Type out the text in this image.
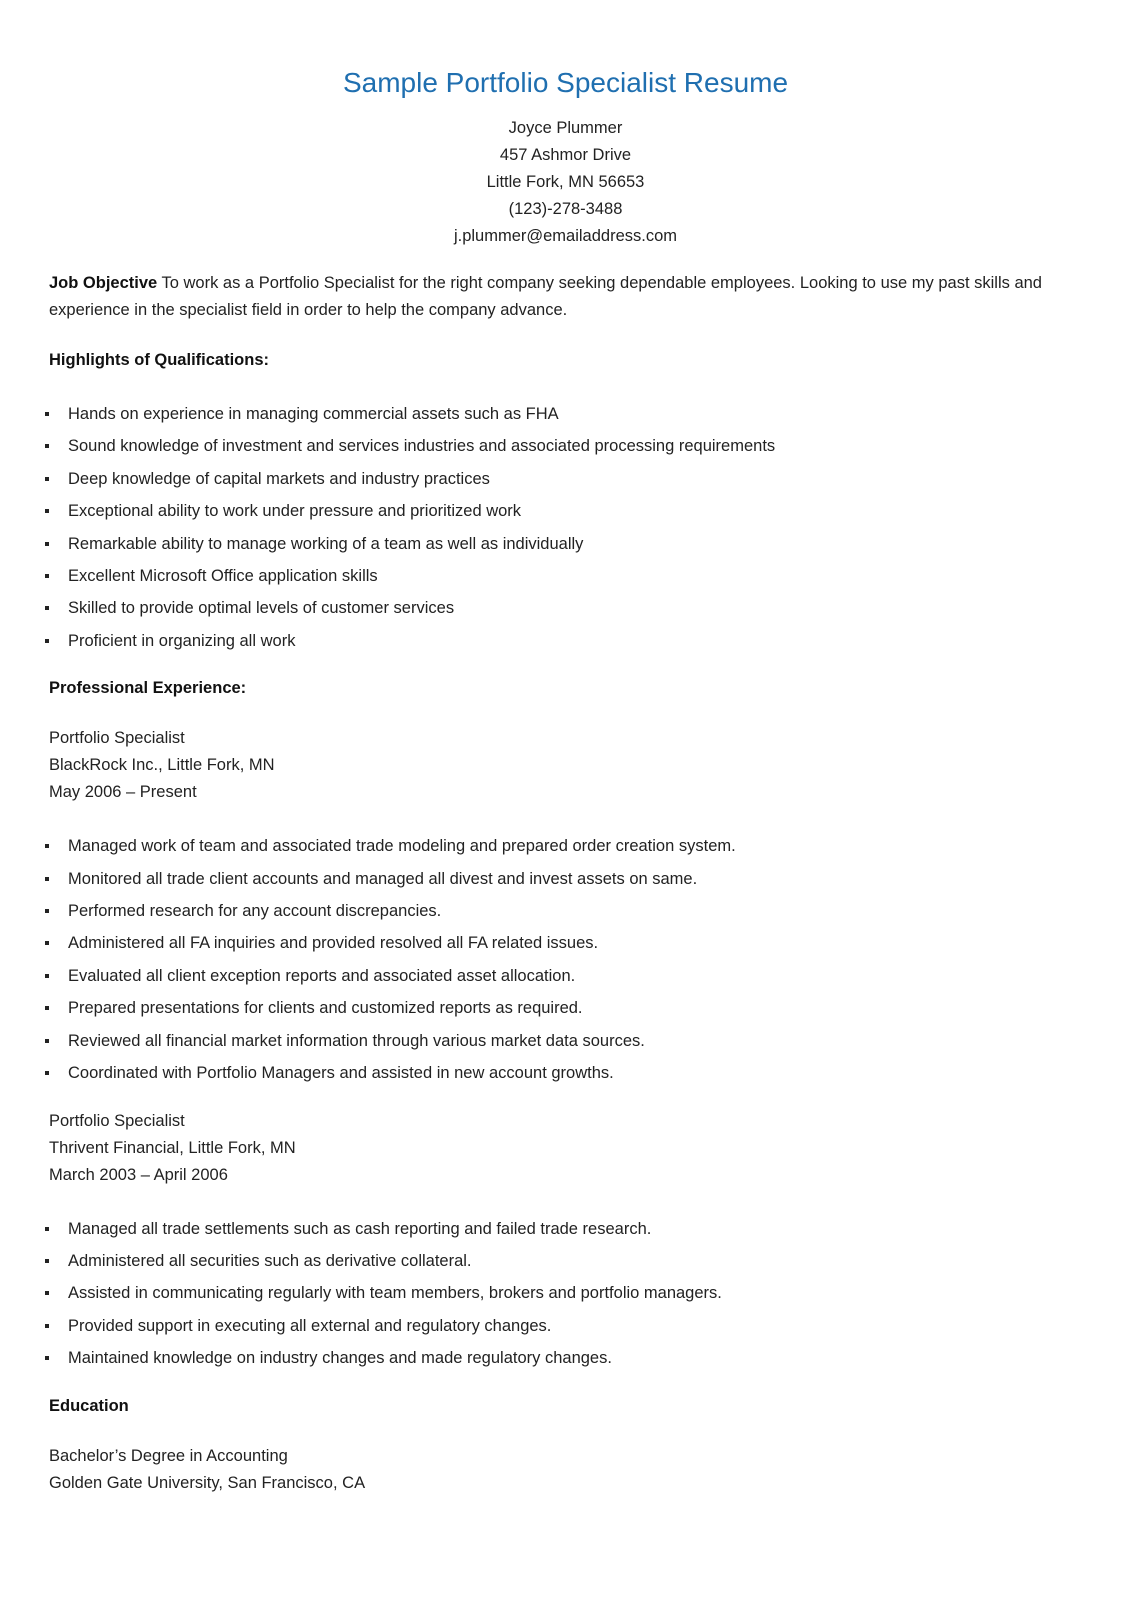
Sample Portfolio Specialist Resume
Joyce Plummer
457 Ashmor Drive
Little Fork, MN 56653
(123)-278-3488
j.plummer@emailaddress.com

Job Objective To work as a Portfolio Specialist for the right company seeking dependable employees. Looking to use my past skills and experience in the specialist field in order to help the company advance.

Highlights of Qualifications:
Hands on experience in managing commercial assets such as FHA
Sound knowledge of investment and services industries and associated processing requirements
Deep knowledge of capital markets and industry practices
Exceptional ability to work under pressure and prioritized work
Remarkable ability to manage working of a team as well as individually
Excellent Microsoft Office application skills
Skilled to provide optimal levels of customer services
Proficient in organizing all work
Professional Experience:
Portfolio Specialist
BlackRock Inc., Little Fork, MN
May 2006 – Present
Managed work of team and associated trade modeling and prepared order creation system.
Monitored all trade client accounts and managed all divest and invest assets on same.
Performed research for any account discrepancies.
Administered all FA inquiries and provided resolved all FA related issues.
Evaluated all client exception reports and associated asset allocation.
Prepared presentations for clients and customized reports as required.
Reviewed all financial market information through various market data sources.
Coordinated with Portfolio Managers and assisted in new account growths.
Portfolio Specialist
Thrivent Financial, Little Fork, MN
March 2003 – April 2006
Managed all trade settlements such as cash reporting and failed trade research.
Administered all securities such as derivative collateral.
Assisted in communicating regularly with team members, brokers and portfolio managers.
Provided support in executing all external and regulatory changes.
Maintained knowledge on industry changes and made regulatory changes.
Education
Bachelor’s Degree in Accounting
Golden Gate University, San Francisco, CA
